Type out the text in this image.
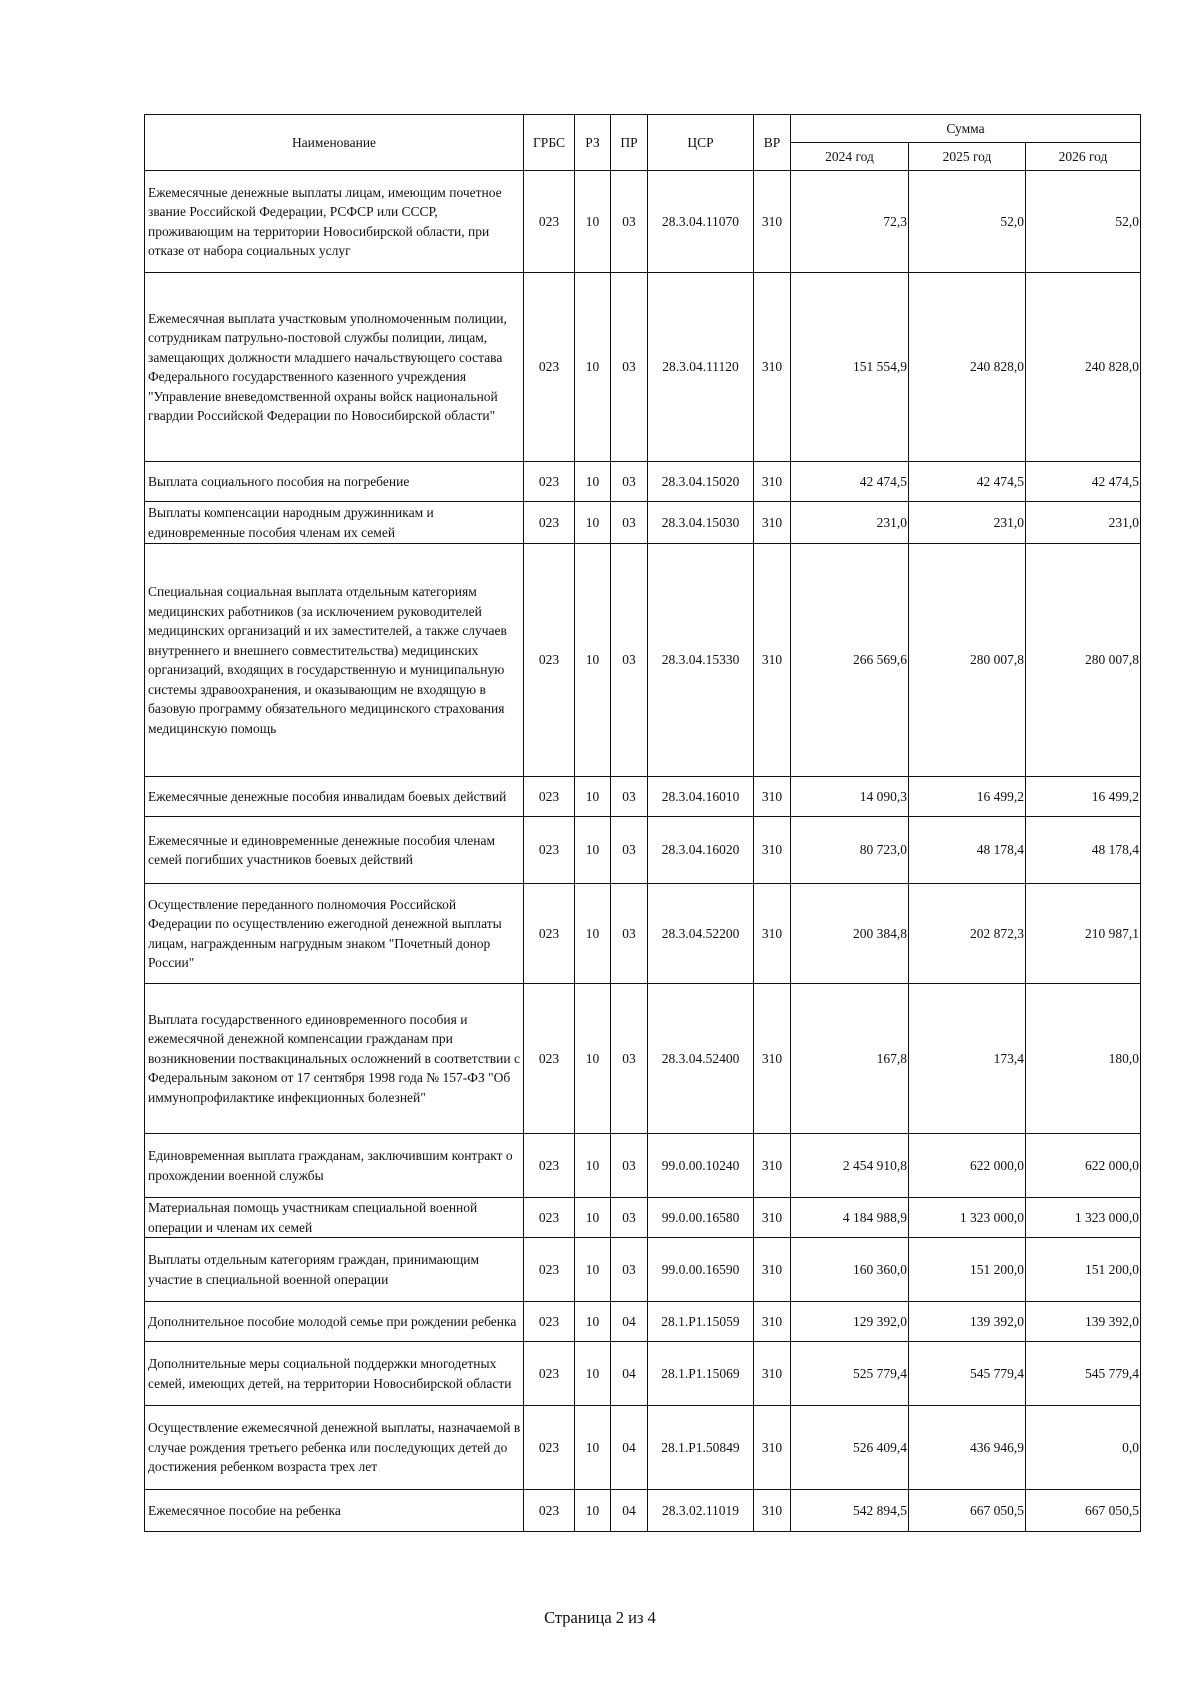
Наименование	ГРБС	РЗ	ПР	ЦСР	ВР	Сумма		
						2024 год	2025 год	2026 год
Ежемесячные денежные выплаты лицам, имеющим почетное звание Российской Федерации, РСФСР или СССР, проживающим на территории Новосибирской области, при отказе от набора социальных услуг	023	10	03	28.3.04.11070	310	72,3	52,0	52,0
Ежемесячная выплата участковым уполномоченным полиции, сотрудникам патрульно-постовой службы полиции, лицам, замещающих должности младшего начальствующего состава Федерального государственного казенного учреждения "Управление вневедомственной охраны войск национальной гвардии Российской Федерации по Новосибирской области"	023	10	03	28.3.04.11120	310	151 554,9	240 828,0	240 828,0
Выплата социального пособия на погребение	023	10	03	28.3.04.15020	310	42 474,5	42 474,5	42 474,5
Выплаты компенсации народным дружинникам и единовременные пособия членам их семей	023	10	03	28.3.04.15030	310	231,0	231,0	231,0
Специальная социальная выплата отдельным категориям медицинских работников (за исключением руководителей медицинских организаций и их заместителей, а также случаев внутреннего и внешнего совместительства) медицинских организаций, входящих в государственную и муниципальную системы здравоохранения, и оказывающим не входящую в базовую программу обязательного медицинского страхования медицинскую помощь	023	10	03	28.3.04.15330	310	266 569,6	280 007,8	280 007,8
Ежемесячные денежные пособия инвалидам боевых действий	023	10	03	28.3.04.16010	310	14 090,3	16 499,2	16 499,2
Ежемесячные и единовременные денежные пособия членам семей погибших участников боевых действий	023	10	03	28.3.04.16020	310	80 723,0	48 178,4	48 178,4
Осуществление переданного полномочия Российской Федерации по осуществлению ежегодной денежной выплаты лицам, награжденным нагрудным знаком "Почетный донор России"	023	10	03	28.3.04.52200	310	200 384,8	202 872,3	210 987,1
Выплата государственного единовременного пособия и ежемесячной денежной компенсации гражданам при возникновении поствакцинальных осложнений в соответствии с Федеральным законом от 17 сентября 1998 года № 157-ФЗ "Об иммунопрофилактике инфекционных болезней"	023	10	03	28.3.04.52400	310	167,8	173,4	180,0
Единовременная выплата гражданам, заключившим контракт о прохождении военной службы	023	10	03	99.0.00.10240	310	2 454 910,8	622 000,0	622 000,0
Материальная помощь участникам специальной военной операции и членам их семей	023	10	03	99.0.00.16580	310	4 184 988,9	1 323 000,0	1 323 000,0
Выплаты отдельным категориям граждан, принимающим участие в специальной военной операции	023	10	03	99.0.00.16590	310	160 360,0	151 200,0	151 200,0
Дополнительное пособие молодой семье при рождении ребенка	023	10	04	28.1.P1.15059	310	129 392,0	139 392,0	139 392,0
Дополнительные меры социальной поддержки многодетных семей, имеющих детей, на территории Новосибирской области	023	10	04	28.1.P1.15069	310	525 779,4	545 779,4	545 779,4
Осуществление ежемесячной денежной выплаты, назначаемой в случае рождения третьего ребенка или последующих детей до достижения ребенком возраста трех лет	023	10	04	28.1.P1.50849	310	526 409,4	436 946,9	0,0
Ежемесячное пособие на ребенка	023	10	04	28.3.02.11019	310	542 894,5	667 050,5	667 050,5
Страница 2 из 4
